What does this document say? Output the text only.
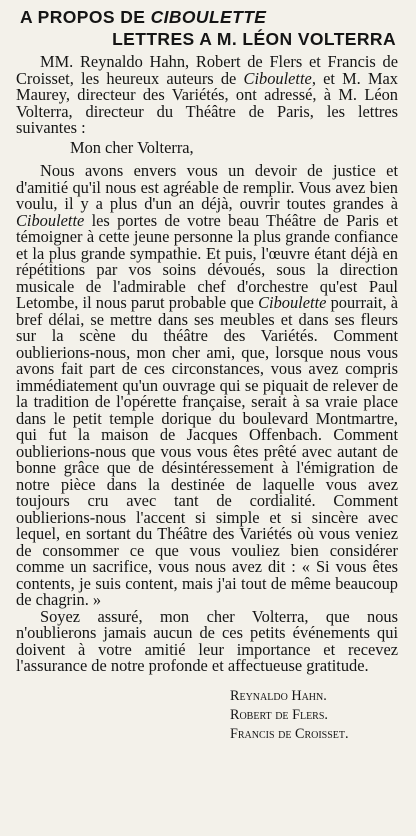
A PROPOS DE CIBOULETTE
LETTRES A M. LÉON VOLTERRA

MM. Reynaldo Hahn, Robert de Flers et Francis de Croisset, les heureux auteurs de Ciboulette, et M. Max Maurey, directeur des Variétés, ont adressé, à M. Léon Volterra, directeur du Théâtre de Paris, les lettres suivantes :

Mon cher Volterra,

Nous avons envers vous un devoir de justice et d'amitié qu'il nous est agréable de remplir. Vous avez bien voulu, il y a plus d'un an déjà, ouvrir toutes grandes à Ciboulette les portes de votre beau Théâtre de Paris et témoigner à cette jeune personne la plus grande confiance et la plus grande sympathie. Et puis, l'œuvre étant déjà en répétitions par vos soins dévoués, sous la direction musicale de l'admirable chef d'orchestre qu'est Paul Letombe, il nous parut probable que Ciboulette pourrait, à bref délai, se mettre dans ses meubles et dans ses fleurs sur la scène du théâtre des Variétés. Comment oublierions-nous, mon cher ami, que, lorsque nous vous avons fait part de ces circonstances, vous avez compris immédiatement qu'un ouvrage qui se piquait de relever de la tradition de l'opérette française, serait à sa vraie place dans le petit temple dorique du boulevard Montmartre, qui fut la maison de Jacques Offenbach. Comment oublierions-nous que vous vous êtes prêté avec autant de bonne grâce que de désintéressement à l'émigration de notre pièce dans la destinée de laquelle vous avez toujours cru avec tant de cordialité. Comment oublierions-nous l'accent si simple et si sincère avec lequel, en sortant du Théâtre des Variétés où vous veniez de consommer ce que vous vouliez bien considérer comme un sacrifice, vous nous avez dit : « Si vous êtes contents, je suis content, mais j'ai tout de même beaucoup de chagrin. »

Soyez assuré, mon cher Volterra, que nous n'oublierons jamais aucun de ces petits événements qui doivent à votre amitié leur importance et recevez l'assurance de notre profonde et affectueuse gratitude.

Reynaldo Hahn.
Robert de Flers.
Francis de Croisset.
